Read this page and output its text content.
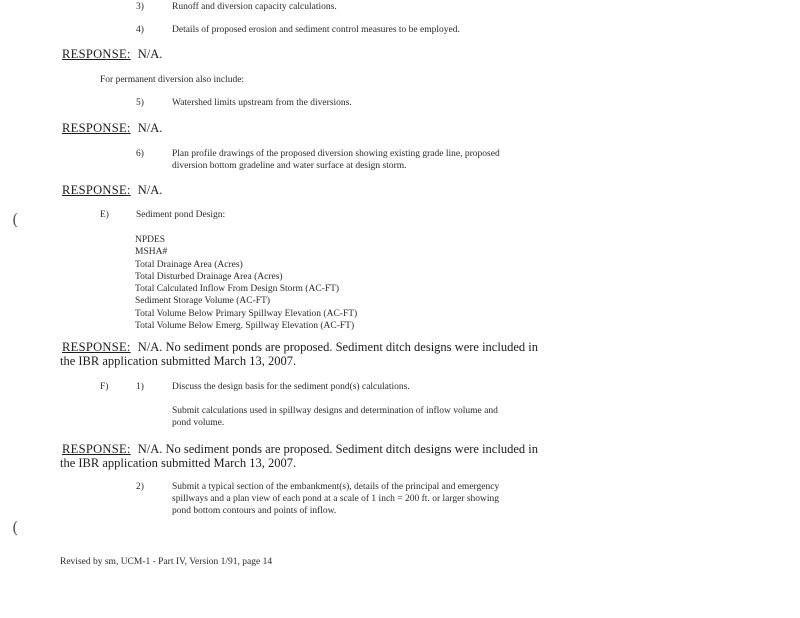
3)	Runoff and diversion capacity calculations.
4)	Details of proposed erosion and sediment control measures to be employed.
RESPONSE: N/A.
For permanent diversion also include:
5)	Watershed limits upstream from the diversions.
RESPONSE: N/A.
6)	Plan profile drawings of the proposed diversion showing existing grade line, proposed
diversion bottom gradeline and water surface at design storm.
RESPONSE: N/A.
(	E)	Sediment pond Design:
NPDES
MSHA#
Total Drainage Area (Acres)
Total Disturbed Drainage Area (Acres)
Total Calculated Inflow From Design Storm (AC-FT)
Sediment Storage Volume (AC-FT)
Total Volume Below Primary Spillway Elevation (AC-FT)
Total Volume Below Emerg. Spillway Elevation (AC-FT)
RESPONSE: N/A. No sediment ponds are proposed. Sediment ditch designs were included in
the IBR application submitted March 13, 2007.
F)	1)	Discuss the design basis for the sediment pond(s) calculations.
Submit calculations used in spillway designs and determination of inflow volume and
pond volume.
RESPONSE: N/A. No sediment ponds are proposed. Sediment ditch designs were included in
the IBR application submitted March 13, 2007.
2)	Submit a typical section of the embankment(s), details of the principal and emergency
spillways and a plan view of each pond at a scale of 1 inch = 200 ft. or larger showing
pond bottom contours and points of inflow.
(
Revised by sm, UCM-1 - Part IV, Version 1/91, page 14
